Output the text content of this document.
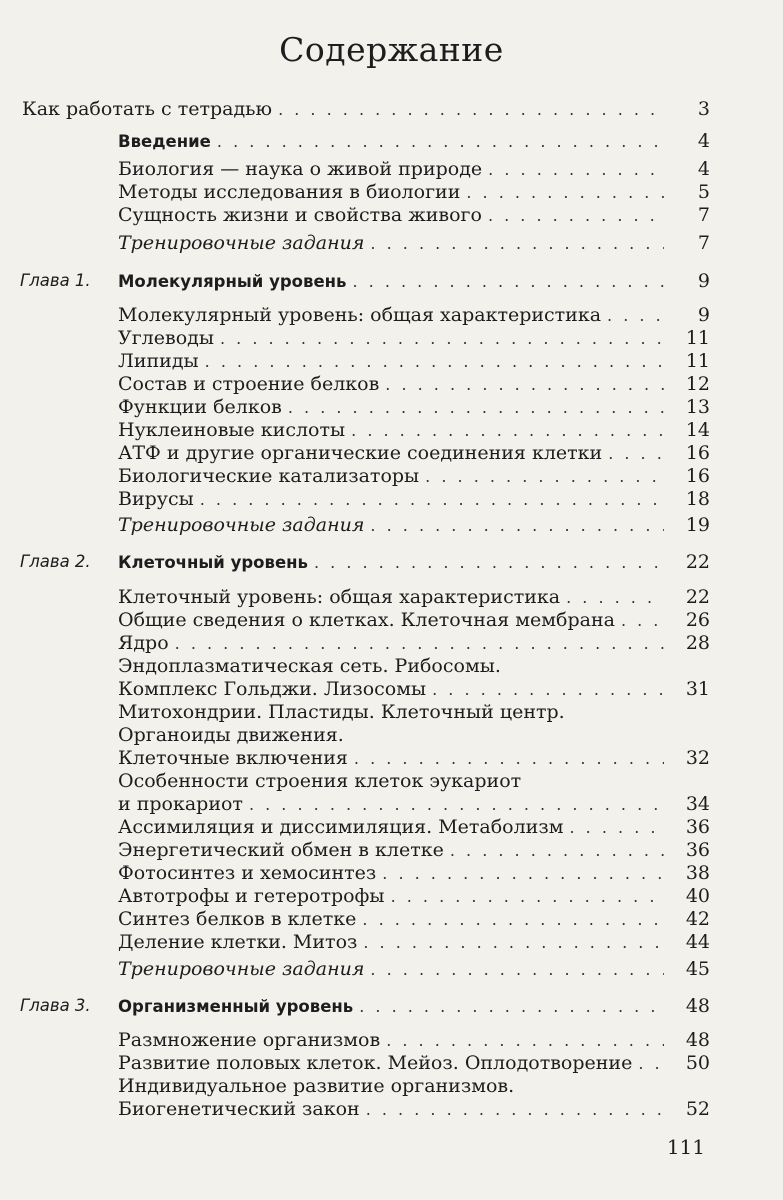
Содержание
Как работать с тетрадью . . .	3
Введение . . .	4
Биология — наука о живой природе . . .	4
Методы исследования в биологии . . .	5
Сущность жизни и свойства живого . . .	7
Тренировочные задания . . .	7
Глава 1. Молекулярный уровень . . .	9
Молекулярный уровень: общая характеристика . . .	9
Углеводы . . .	11
Липиды . . .	11
Состав и строение белков . . .	12
Функции белков . . .	13
Нуклеиновые кислоты . . .	14
АТФ и другие органические соединения клетки . . .	16
Биологические катализаторы . . .	16
Вирусы . . .	18
Тренировочные задания . . .	19
Глава 2. Клеточный уровень . . .	22
Клеточный уровень: общая характеристика . . .	22
Общие сведения о клетках. Клеточная мембрана . . .	26
Ядро . . .	28
Эндоплазматическая сеть. Рибосомы.
Комплекс Гольджи. Лизосомы . . .	31
Митохондрии. Пластиды. Клеточный центр.
Органоиды движения.
Клеточные включения . . .	32
Особенности строения клеток эукариот
и прокариот . . .	34
Ассимиляция и диссимиляция. Метаболизм . . .	36
Энергетический обмен в клетке . . .	36
Фотосинтез и хемосинтез . . .	38
Автотрофы и гетеротрофы . . .	40
Синтез белков в клетке . . .	42
Деление клетки. Митоз . . .	44
Тренировочные задания . . .	45
Глава 3. Организменный уровень . . .	48
Размножение организмов . . .	48
Развитие половых клеток. Мейоз. Оплодотворение . . .	50
Индивидуальное развитие организмов.
Биогенетический закон . . .	52
111
